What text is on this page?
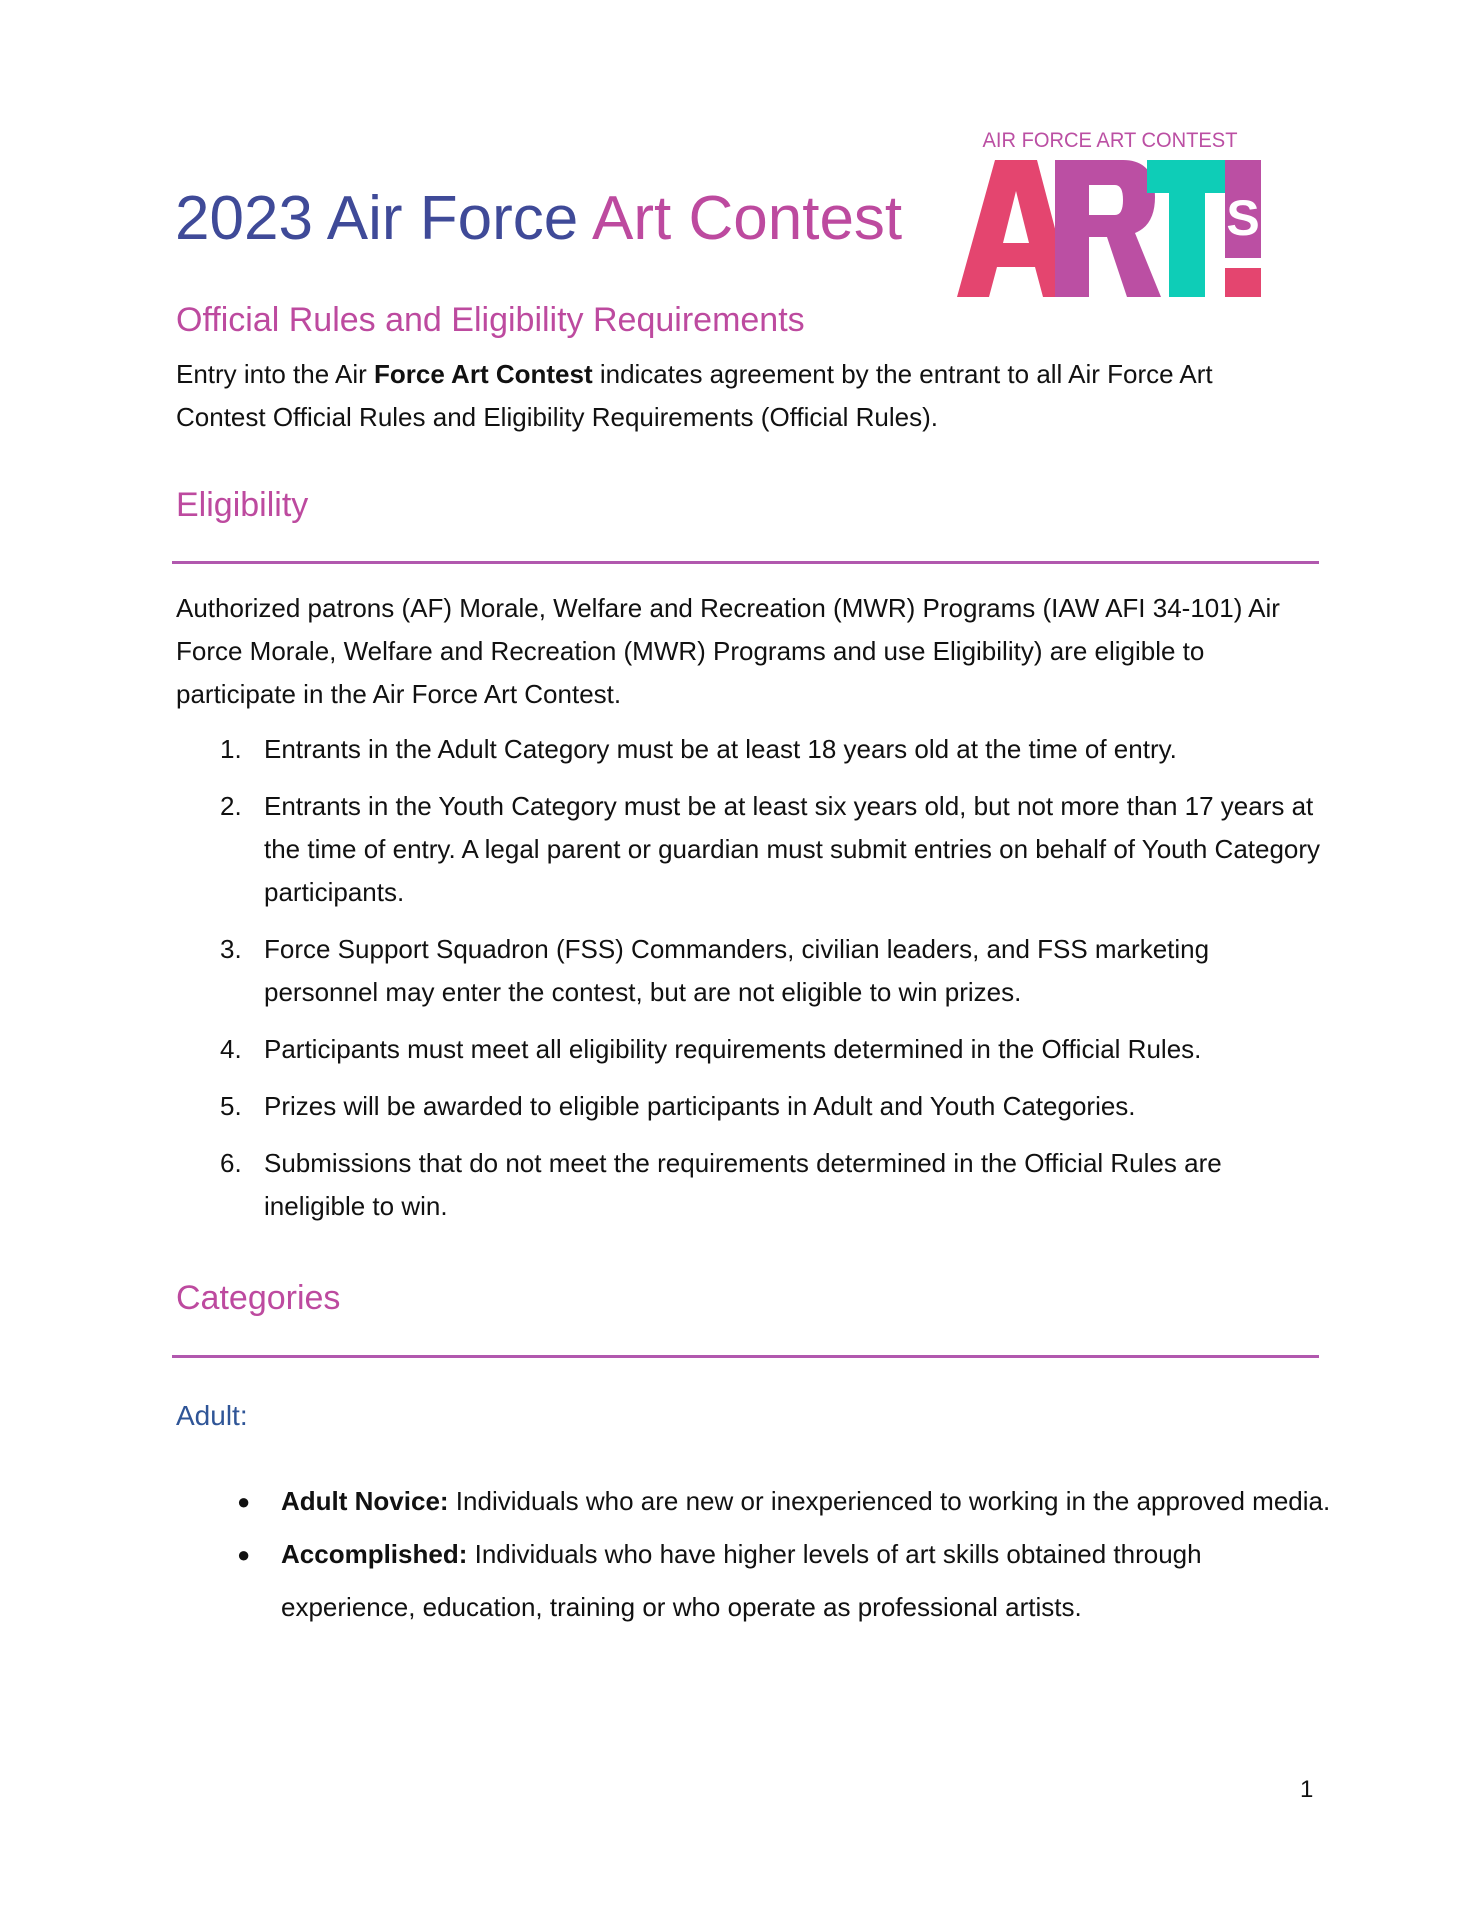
2023 Air Force Art Contest
AIR FORCE ART CONTEST
S
Official Rules and Eligibility Requirements
Entry into the Air Force Art Contest indicates agreement by the entrant to all Air Force Art Contest Official Rules and Eligibility Requirements (Official Rules).
Eligibility
Authorized patrons (AF) Morale, Welfare and Recreation (MWR) Programs (IAW AFI 34-101) Air Force Morale, Welfare and Recreation (MWR) Programs and use Eligibility) are eligible to participate in the Air Force Art Contest.
1. Entrants in the Adult Category must be at least 18 years old at the time of entry.
2. Entrants in the Youth Category must be at least six years old, but not more than 17 years at the time of entry. A legal parent or guardian must submit entries on behalf of Youth Category participants.
3. Force Support Squadron (FSS) Commanders, civilian leaders, and FSS marketing personnel may enter the contest, but are not eligible to win prizes.
4. Participants must meet all eligibility requirements determined in the Official Rules.
5. Prizes will be awarded to eligible participants in Adult and Youth Categories.
6. Submissions that do not meet the requirements determined in the Official Rules are ineligible to win.
Categories
Adult:
●	Adult Novice: Individuals who are new or inexperienced to working in the approved media.
●	Accomplished: Individuals who have higher levels of art skills obtained through experience, education, training or who operate as professional artists.
1
